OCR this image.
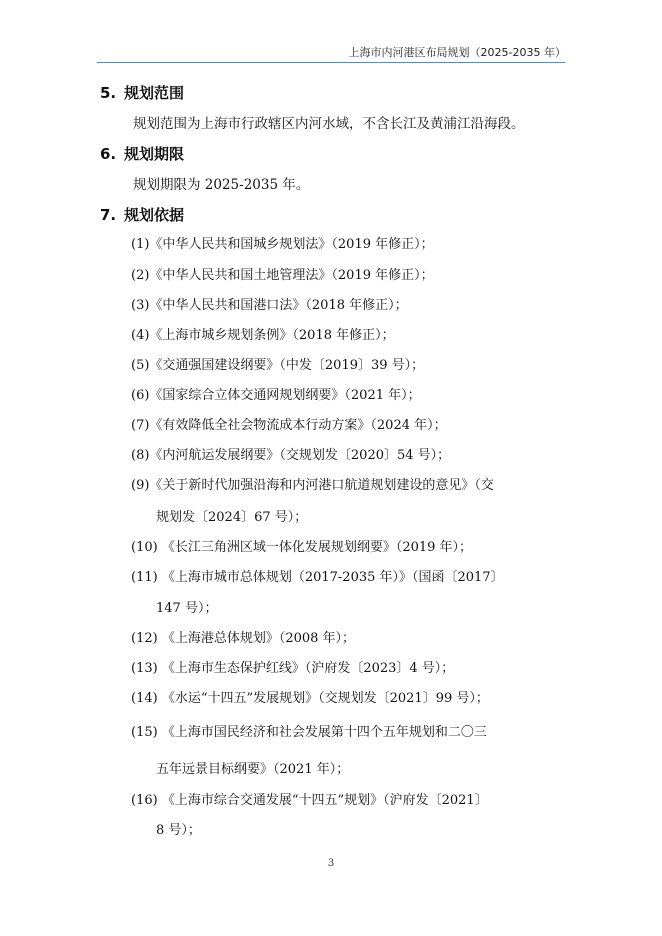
上海市内河港区布局规划（2025-2035 年）
5. 规划范围
规划范围为上海市行政辖区内河水域，不含长江及黄浦江沿海段。
6. 规划期限
规划期限为 2025-2035 年。
7. 规划依据
(1)《中华人民共和国城乡规划法》（2019 年修正）；
(2)《中华人民共和国土地管理法》（2019 年修正）；
(3)《中华人民共和国港口法》（2018 年修正）；
(4)《上海市城乡规划条例》（2018 年修正）；
(5)《交通强国建设纲要》（中发〔2019〕39 号）；
(6)《国家综合立体交通网规划纲要》（2021 年）；
(7)《有效降低全社会物流成本行动方案》（2024 年）；
(8)《内河航运发展纲要》（交规划发〔2020〕54 号）；
(9)《关于新时代加强沿海和内河港口航道规划建设的意见》（交
规划发〔2024〕67 号）；
(10) 《长江三角洲区域一体化发展规划纲要》（2019 年）；
(11) 《上海市城市总体规划（2017-2035 年）》（国函〔2017〕
147 号）；
(12) 《上海港总体规划》（2008 年）；
(13) 《上海市生态保护红线》（沪府发〔2023〕4 号）；
(14) 《水运“十四五”发展规划》（交规划发〔2021〕99 号）；
(15) 《上海市国民经济和社会发展第十四个五年规划和二〇三
五年远景目标纲要》（2021 年）；
(16) 《上海市综合交通发展“十四五”规划》（沪府发〔2021〕
8 号）；
3
